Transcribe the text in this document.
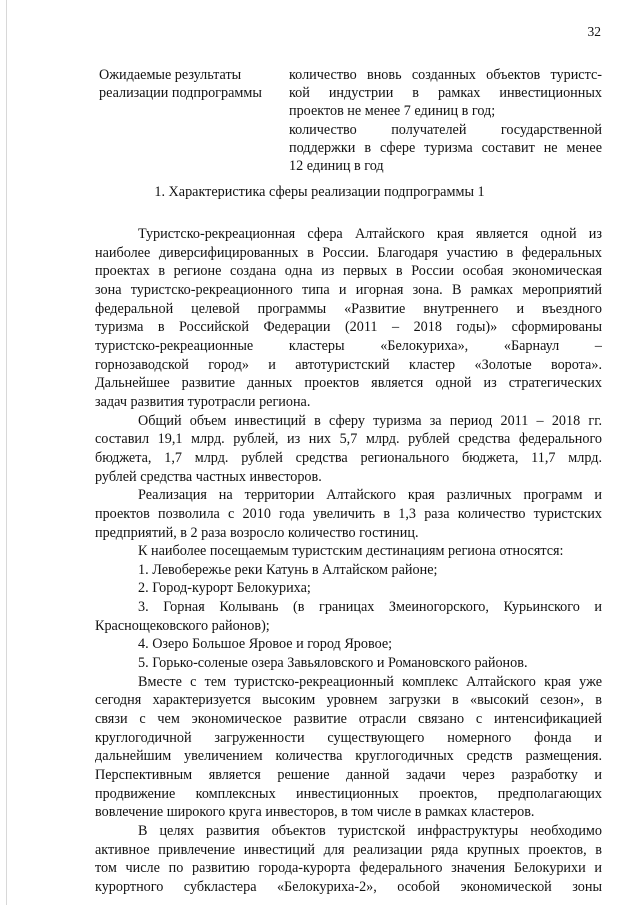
32
Ожидаемые результаты
реализации подпрограммы
количество вновь созданных объектов туристс-
кой индустрии в рамках инвестиционных
проектов не менее 7 единиц в год;
количество получателей государственной
поддержки в сфере туризма составит не менее
12 единиц в год
1. Характеристика сферы реализации подпрограммы 1
Туристско-рекреационная сфера Алтайского края является одной из
наиболее диверсифицированных в России. Благодаря участию в федеральных
проектах в регионе создана одна из первых в России особая экономическая
зона туристско-рекреационного типа и игорная зона. В рамках мероприятий
федеральной целевой программы «Развитие внутреннего и въездного
туризма в Российской Федерации (2011 – 2018 годы)» сформированы
туристско-рекреационные кластеры «Белокуриха», «Барнаул –
горнозаводской город» и автотуристский кластер «Золотые ворота».
Дальнейшее развитие данных проектов является одной из стратегических
задач развития туротрасли региона.
Общий объем инвестиций в сферу туризма за период 2011 – 2018 гг.
составил 19,1 млрд. рублей, из них 5,7 млрд. рублей средства федерального
бюджета, 1,7 млрд. рублей средства регионального бюджета, 11,7 млрд.
рублей средства частных инвесторов.
Реализация на территории Алтайского края различных программ и
проектов позволила с 2010 года увеличить в 1,3 раза количество туристских
предприятий, в 2 раза возросло количество гостиниц.
К наиболее посещаемым туристским дестинациям региона относятся:
1. Левобережье реки Катунь в Алтайском районе;
2. Город-курорт Белокуриха;
3. Горная Колывань (в границах Змеиногорского, Курьинского и
Краснощековского районов);
4. Озеро Большое Яровое и город Яровое;
5. Горько-соленые озера Завьяловского и Романовского районов.
Вместе с тем туристско-рекреационный комплекс Алтайского края уже
сегодня характеризуется высоким уровнем загрузки в «высокий сезон», в
связи с чем экономическое развитие отрасли связано с интенсификацией
круглогодичной загруженности существующего номерного фонда и
дальнейшим увеличением количества круглогодичных средств размещения.
Перспективным является решение данной задачи через разработку и
продвижение комплексных инвестиционных проектов, предполагающих
вовлечение широкого круга инвесторов, в том числе в рамках кластеров.
В целях развития объектов туристской инфраструктуры необходимо
активное привлечение инвестиций для реализации ряда крупных проектов, в
том числе по развитию города-курорта федерального значения Белокурихи и
курортного субкластера «Белокуриха-2», особой экономической зоны
